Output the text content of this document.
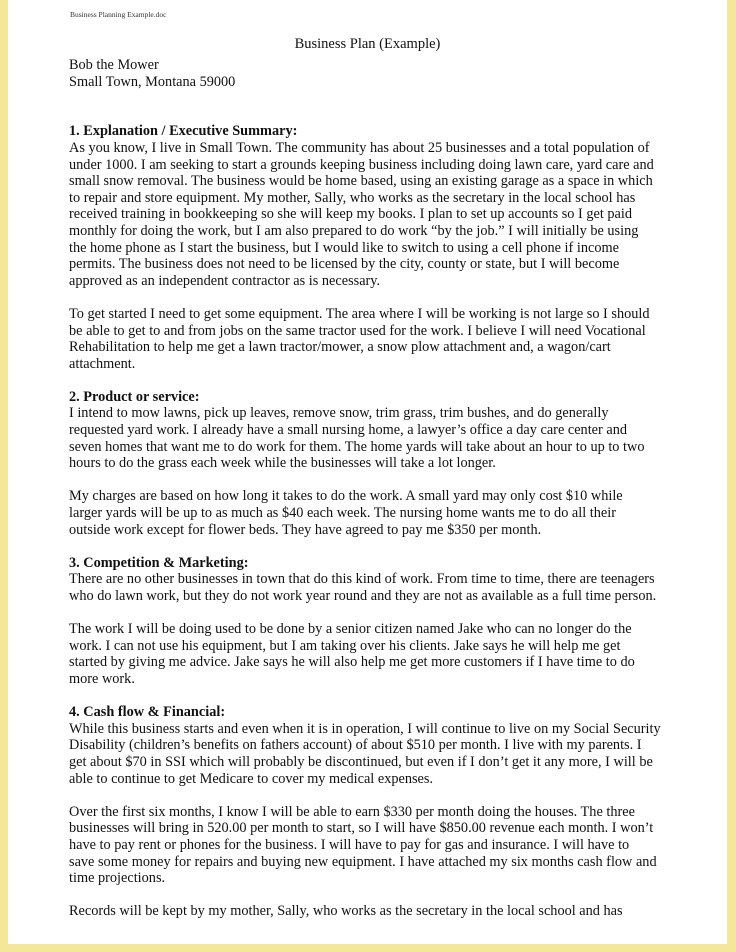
Business Planning Example.doc
Business Plan (Example)
Bob the Mower
Small Town, Montana 59000
1. Explanation / Executive Summary:

As you know, I live in Small Town. The community has about 25 businesses and a total population of
under 1000. I am seeking to start a grounds keeping business including doing lawn care, yard care and
small snow removal. The business would be home based, using an existing garage as a space in which
to repair and store equipment. My mother, Sally, who works as the secretary in the local school has
received training in bookkeeping so she will keep my books. I plan to set up accounts so I get paid
monthly for doing the work, but I am also prepared to do work “by the job.” I will initially be using
the home phone as I start the business, but I would like to switch to using a cell phone if income
permits. The business does not need to be licensed by the city, county or state, but I will become
approved as an independent contractor as is necessary.

To get started I need to get some equipment. The area where I will be working is not large so I should
be able to get to and from jobs on the same tractor used for the work. I believe I will need Vocational
Rehabilitation to help me get a lawn tractor/mower, a snow plow attachment and, a wagon/cart
attachment.

2. Product or service:

I intend to mow lawns, pick up leaves, remove snow, trim grass, trim bushes, and do generally
requested yard work. I already have a small nursing home, a lawyer’s office a day care center and
seven homes that want me to do work for them. The home yards will take about an hour to up to two
hours to do the grass each week while the businesses will take a lot longer.

My charges are based on how long it takes to do the work. A small yard may only cost $10 while
larger yards will be up to as much as $40 each week. The nursing home wants me to do all their
outside work except for flower beds. They have agreed to pay me $350 per month.

3. Competition & Marketing:

There are no other businesses in town that do this kind of work. From time to time, there are teenagers
who do lawn work, but they do not work year round and they are not as available as a full time person.

The work I will be doing used to be done by a senior citizen named Jake who can no longer do the
work. I can not use his equipment, but I am taking over his clients. Jake says he will help me get
started by giving me advice. Jake says he will also help me get more customers if I have time to do
more work.

4. Cash flow & Financial:

While this business starts and even when it is in operation, I will continue to live on my Social Security
Disability (children’s benefits on fathers account) of about $510 per month. I live with my parents. I
get about $70 in SSI which will probably be discontinued, but even if I don’t get it any more, I will be
able to continue to get Medicare to cover my medical expenses.

Over the first six months, I know I will be able to earn $330 per month doing the houses. The three
businesses will bring in 520.00 per month to start, so I will have $850.00 revenue each month. I won’t
have to pay rent or phones for the business. I will have to pay for gas and insurance. I will have to
save some money for repairs and buying new equipment. I have attached my six months cash flow and
time projections.

Records will be kept by my mother, Sally, who works as the secretary in the local school and has
